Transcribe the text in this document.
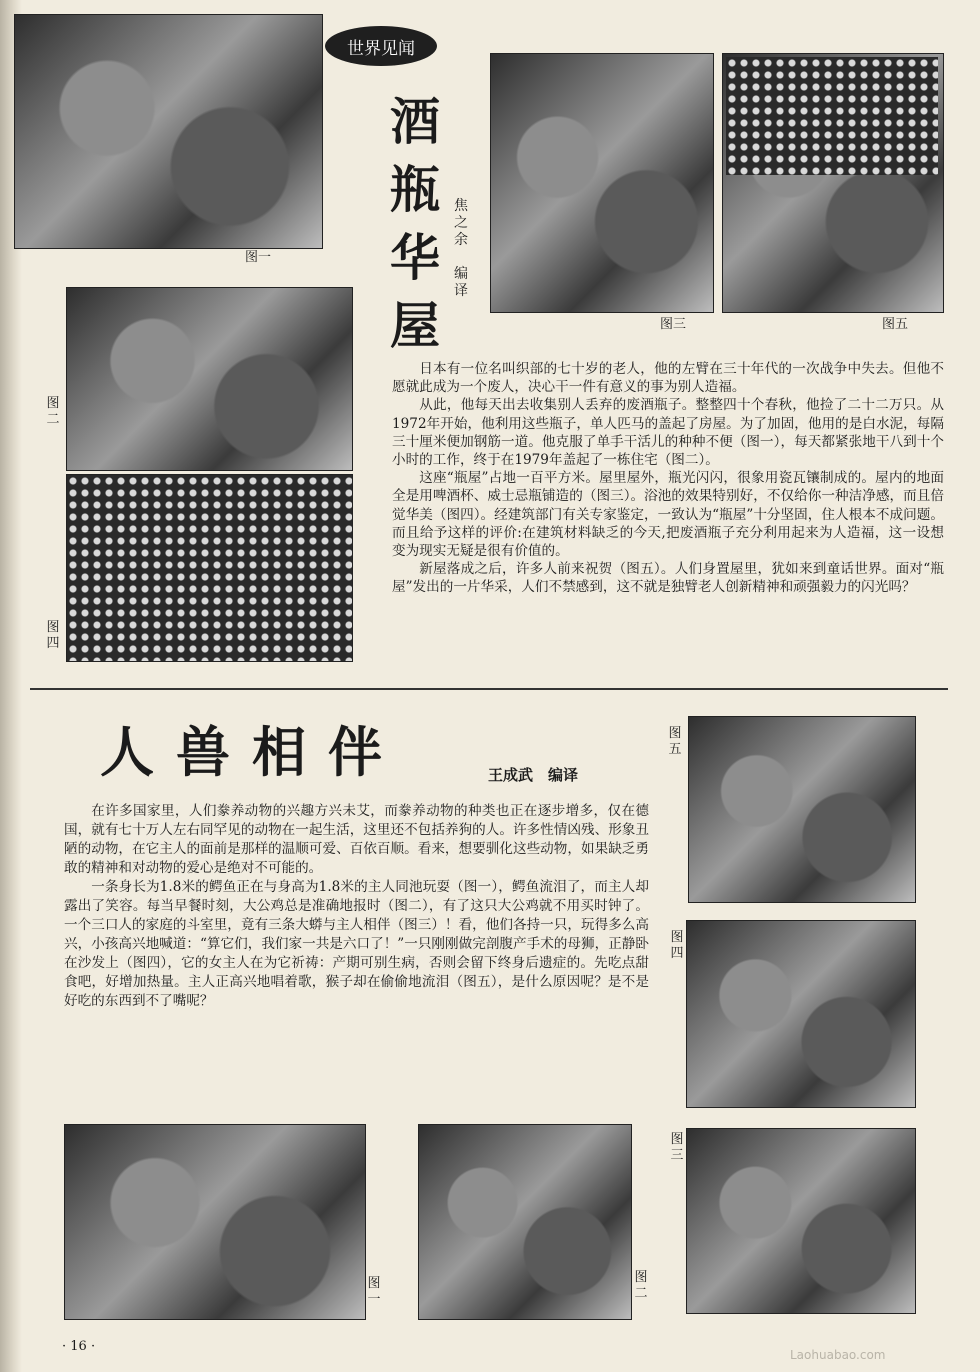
图一
世界见闻
酒
瓶
华
屋
焦
之
余
编
译
图三	图五
图二
图四

日本有一位名叫织部的七十岁的老人，他的左臂在三十年代的一次战争中失去。但他不愿就此成为一个废人，决心干一件有意义的事为别人造福。

从此，他每天出去收集别人丢弃的废酒瓶子。整整四十个春秋，他捡了二十二万只。从1972年开始，他利用这些瓶子，单人匹马的盖起了房屋。为了加固，他用的是白水泥，每隔三十厘米便加钢筋一道。他克服了单手干活儿的种种不便（图一），每天都紧张地干八到十个小时的工作，终于在1979年盖起了一栋住宅（图二）。

这座“瓶屋”占地一百平方米。屋里屋外，瓶光闪闪，很象用瓷瓦镶制成的。屋内的地面全是用啤酒杯、威士忌瓶铺造的（图三）。浴池的效果特别好，不仅给你一种洁净感，而且倍觉华美（图四）。经建筑部门有关专家鉴定，一致认为“瓶屋”十分坚固，住人根本不成问题。而且给予这样的评价:在建筑材料缺乏的今天,把废酒瓶子充分利用起来为人造福，这一设想变为现实无疑是很有价值的。

新屋落成之后，许多人前来祝贺（图五）。人们身置屋里，犹如来到童话世界。面对“瓶屋”发出的一片华采，人们不禁感到，这不就是独臂老人创新精神和顽强毅力的闪光吗？

人兽相伴	王成武　编译

在许多国家里，人们豢养动物的兴趣方兴未艾，而豢养动物的种类也正在逐步增多，仅在德国，就有七十万人左右同罕见的动物在一起生活，这里还不包括养狗的人。许多性情凶残、形象丑陋的动物，在它主人的面前是那样的温顺可爱、百依百顺。看来，想要驯化这些动物，如果缺乏勇敢的精神和对动物的爱心是绝对不可能的。

一条身长为1.8米的鳄鱼正在与身高为1.8米的主人同池玩耍（图一），鳄鱼流泪了，而主人却露出了笑容。每当早餐时刻，大公鸡总是准确地报时（图二），有了这只大公鸡就不用买时钟了。一个三口人的家庭的斗室里，竟有三条大蟒与主人相伴（图三）！看，他们各持一只，玩得多么高兴，小孩高兴地喊道：“算它们，我们家一共是六口了！”一只刚刚做完剖腹产手术的母狮，正静卧在沙发上（图四），它的女主人在为它祈祷：产期可别生病，否则会留下终身后遗症的。先吃点甜食吧，好增加热量。主人正高兴地唱着歌，猴子却在偷偷地流泪（图五），是什么原因呢？是不是好吃的东西到不了嘴呢？

图五
图四
图三
图一
图二
· 16 ·
Laohuabao.com
